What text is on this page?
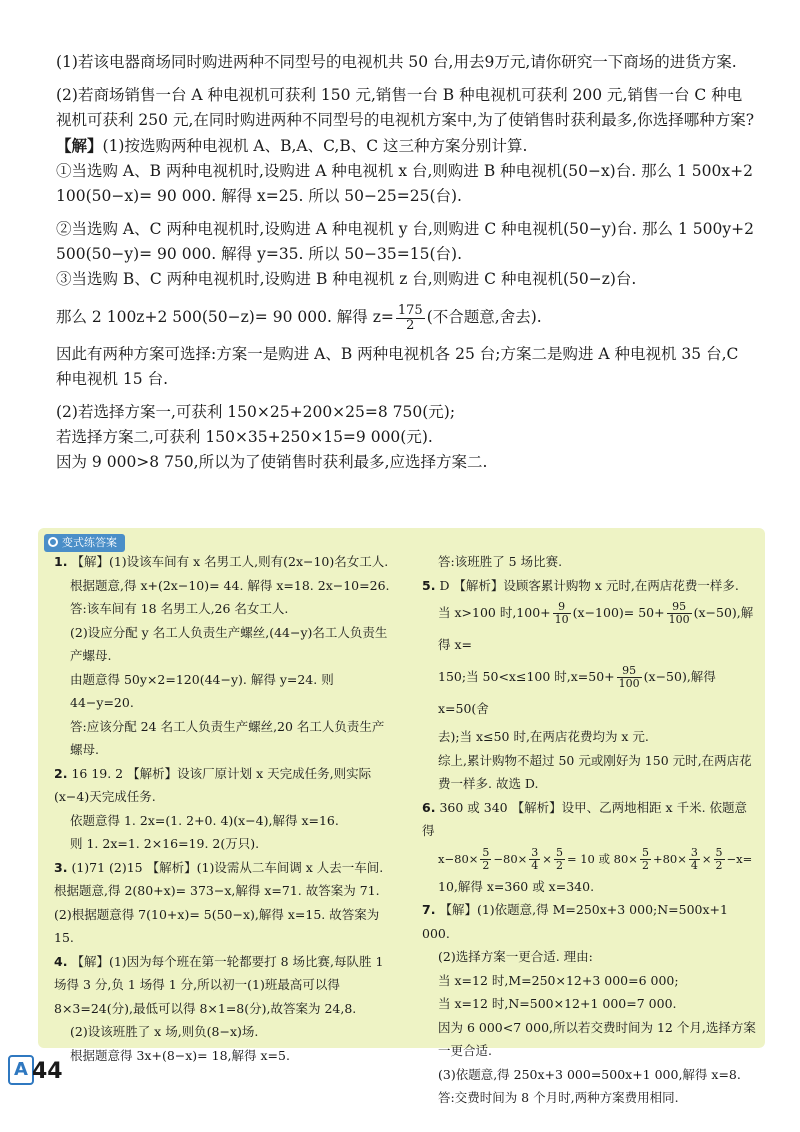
(1)若该电器商场同时购进两种不同型号的电视机共 50 台,用去9万元,请你研究一下商场的进货方案.

(2)若商场销售一台 A 种电视机可获利 150 元,销售一台 B 种电视机可获利 200 元,销售一台 C 种电视机可获利 250 元,在同时购进两种不同型号的电视机方案中,为了使销售时获利最多,你选择哪种方案?

【解】(1)按选购两种电视机 A、B,A、C,B、C 这三种方案分别计算.

①当选购 A、B 两种电视机时,设购进 A 种电视机 x 台,则购进 B 种电视机(50−x)台. 那么 1 500x+2 100(50−x)= 90 000. 解得 x=25. 所以 50−25=25(台).

②当选购 A、C 两种电视机时,设购进 A 种电视机 y 台,则购进 C 种电视机(50−y)台. 那么 1 500y+2 500(50−y)= 90 000. 解得 y=35. 所以 50−35=15(台).

③当选购 B、C 两种电视机时,设购进 B 种电视机 z 台,则购进 C 种电视机(50−z)台.

那么 2 100z+2 500(50−z)= 90 000. 解得 $z= \frac{175}{2}$ (不合题意,舍去).

因此有两种方案可选择:方案一是购进 A、B 两种电视机各 25 台;方案二是购进 A 种电视机 35 台,C 种电视机 15 台.

(2)若选择方案一,可获利 150×25+200×25=8 750(元);

若选择方案二,可获利 150×35+250×15=9 000(元).

因为 9 000>8 750,所以为了使销售时获利最多,应选择方案二.

变式练答案

1. 【解】(1)设该车间有 x 名男工人,则有(2x−10)名女工人.

根据题意,得 x+(2x−10)= 44. 解得 x=18. 2x−10=26.

答:该车间有 18 名男工人,26 名女工人.

(2)设应分配 y 名工人负责生产螺丝,(44−y)名工人负责生产螺母.

由题意得 50y×2=120(44−y). 解得 y=24. 则 44−y=20.

答:应该分配 24 名工人负责生产螺丝,20 名工人负责生产螺母.

2. 16 19. 2 【解析】设该厂原计划 x 天完成任务,则实际(x−4)天完成任务.

依题意得 1. 2x=(1. 2+0. 4)(x−4),解得 x=16.

则 1. 2x=1. 2×16=19. 2(万只).

3. (1)71 (2)15 【解析】(1)设需从二车间调 x 人去一车间. 根据题意,得 2(80+x)= 373−x,解得 x=71. 故答案为 71. (2)根据题意得 7(10+x)= 5(50−x),解得 x=15. 故答案为 15.

4. 【解】(1)因为每个班在第一轮都要打 8 场比赛,每队胜 1 场得 3 分,负 1 场得 1 分,所以初一(1)班最高可以得 8×3=24(分),最低可以得 8×1=8(分),故答案为 24,8.

(2)设该班胜了 x 场,则负(8−x)场.

根据题意得 3x+(8−x)= 18,解得 x=5.

答:该班胜了 5 场比赛.

5. D 【解析】设顾客累计购物 x 元时,在两店花费一样多.

当 x>100 时$,100+ \frac{9}{10} (x-100)= 50+ \frac{95}{100} (x-50)$,解得 x=

150;当 50<x≤100 时$,x=50+ \frac{95}{100} (x-50)$,解得 x=50(舍

去);当 x≤50 时,在两店花费均为 x 元.

综上,累计购物不超过 50 元或刚好为 150 元时,在两店花费一样多. 故选 D.

6. 360 或 340 【解析】设甲、乙两地相距 x 千米. 依题意得

$x-80\times \frac{5}{2} -80\times \frac{3}{4} \times \frac{5}{2} = 10$ 或 $80\times \frac{5}{2} +80\times \frac{3}{4} \times \frac{5}{2} -x=$

10,解得 x=360 或 x=340.

7. 【解】(1)依题意,得 M=250x+3 000;N=500x+1 000.

(2)选择方案一更合适. 理由:

当 x=12 时,M=250×12+3 000=6 000;

当 x=12 时,N=500×12+1 000=7 000.

因为 6 000<7 000,所以若交费时间为 12 个月,选择方案一更合适.

(3)依题意,得 250x+3 000=500x+1 000,解得 x=8.

答:交费时间为 8 个月时,两种方案费用相同.

A 44
